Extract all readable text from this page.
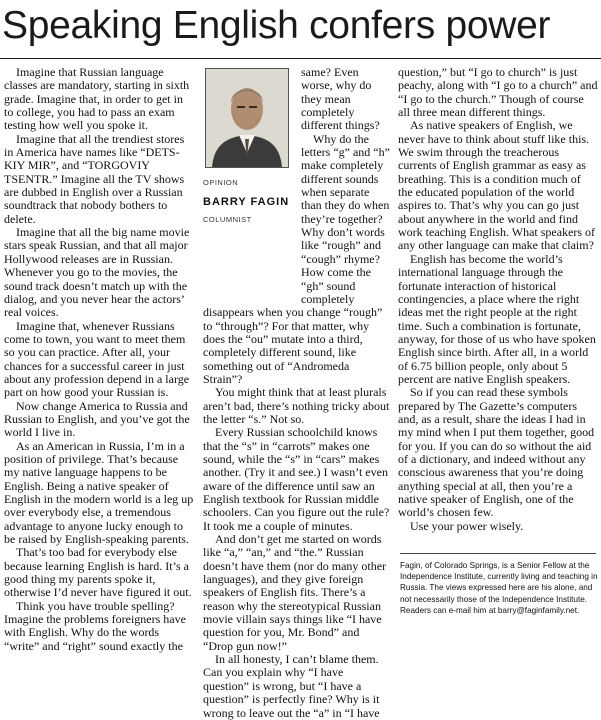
Speaking English confers power

Imagine that Russian language classes are mandatory, starting in sixth grade. Imagine that, in order to get in to college, you had to pass an exam testing how well you spoke it.

Imagine that all the trendiest stores in America have names like “DETS-KIY MIR”, and “TORGOVIY TSENTR.” Imagine all the TV shows are dubbed in English over a Russian soundtrack that nobody bothers to delete.

Imagine that all the big name movie stars speak Russian, and that all major Hollywood releases are in Russian. Whenever you go to the movies, the sound track doesn’t match up with the dialog, and you never hear the actors’ real voices.

Imagine that, whenever Russians come to town, you want to meet them so you can practice. After all, your chances for a successful career in just about any profession depend in a large part on how good your Russian is.

Now change America to Russia and Russian to English, and you’ve got the world I live in.

As an American in Russia, I’m in a position of privilege. That’s because my native language happens to be English. Being a native speaker of English in the modern world is a leg up over everybody else, a tremendous advantage to anyone lucky enough to be raised by English-speaking parents.

That’s too bad for everybody else because learning English is hard. It’s a good thing my parents spoke it, otherwise I’d never have figured it out.

Think you have trouble spelling? Imagine the problems foreigners have with English. Why do the words “write” and “right” sound exactly the

OPINION
BARRY FAGIN
COLUMNIST

same? Even worse, why do they mean completely different things?

Why do the letters “g” and “h” make completely different sounds when separate than they do when they’re together? Why don’t words like “rough” and “cough” rhyme? How come the “gh” sound completely disappears when you change “rough” to “through”? For that matter, why does the “ou” mutate into a third, completely different sound, like something out of “Andromeda Strain”?

You might think that at least plurals aren’t bad, there’s nothing tricky about the letter “s.” Not so.

Every Russian schoolchild knows that the “s” in “carrots” makes one sound, while the “s” in “cars” makes another. (Try it and see.) I wasn’t even aware of the difference until saw an English textbook for Russian middle schoolers. Can you figure out the rule? It took me a couple of minutes.

And don’t get me started on words like “a,” “an,” and “the.” Russian doesn’t have them (nor do many other languages), and they give foreign speakers of English fits. There’s a reason why the stereotypical Russian movie villain says things like “I have question for you, Mr. Bond” and “Drop gun now!”

In all honesty, I can’t blame them. Can you explain why “I have question” is wrong, but “I have a question” is perfectly fine? Why is it wrong to leave out the “a” in “I have

question,” but “I go to church” is just peachy, along with “I go to a church” and “I go to the church.” Though of course all three mean different things.

As native speakers of English, we never have to think about stuff like this. We swim through the treacherous currents of English grammar as easy as breathing. This is a condition much of the educated population of the world aspires to. That’s why you can go just about anywhere in the world and find work teaching English. What speakers of any other language can make that claim?

English has become the world’s international language through the fortunate interaction of historical contingencies, a place where the right ideas met the right people at the right time. Such a combination is fortunate, anyway, for those of us who have spoken English since birth. After all, in a world of 6.75 billion people, only about 5 percent are native English speakers.

So if you can read these symbols prepared by The Gazette’s computers and, as a result, share the ideas I had in my mind when I put them together, good for you. If you can do so without the aid of a dictionary, and indeed without any conscious awareness that you’re doing anything special at all, then you’re a native speaker of English, one of the world’s chosen few.

Use your power wisely.

Fagin, of Colorado Springs, is a Senior Fellow at the Independence Institute, currently living and teaching in Russia. The views expressed here are his alone, and not necessarily those of the Independence Institute. Readers can e-mail him at barry@faginfamily.net.
